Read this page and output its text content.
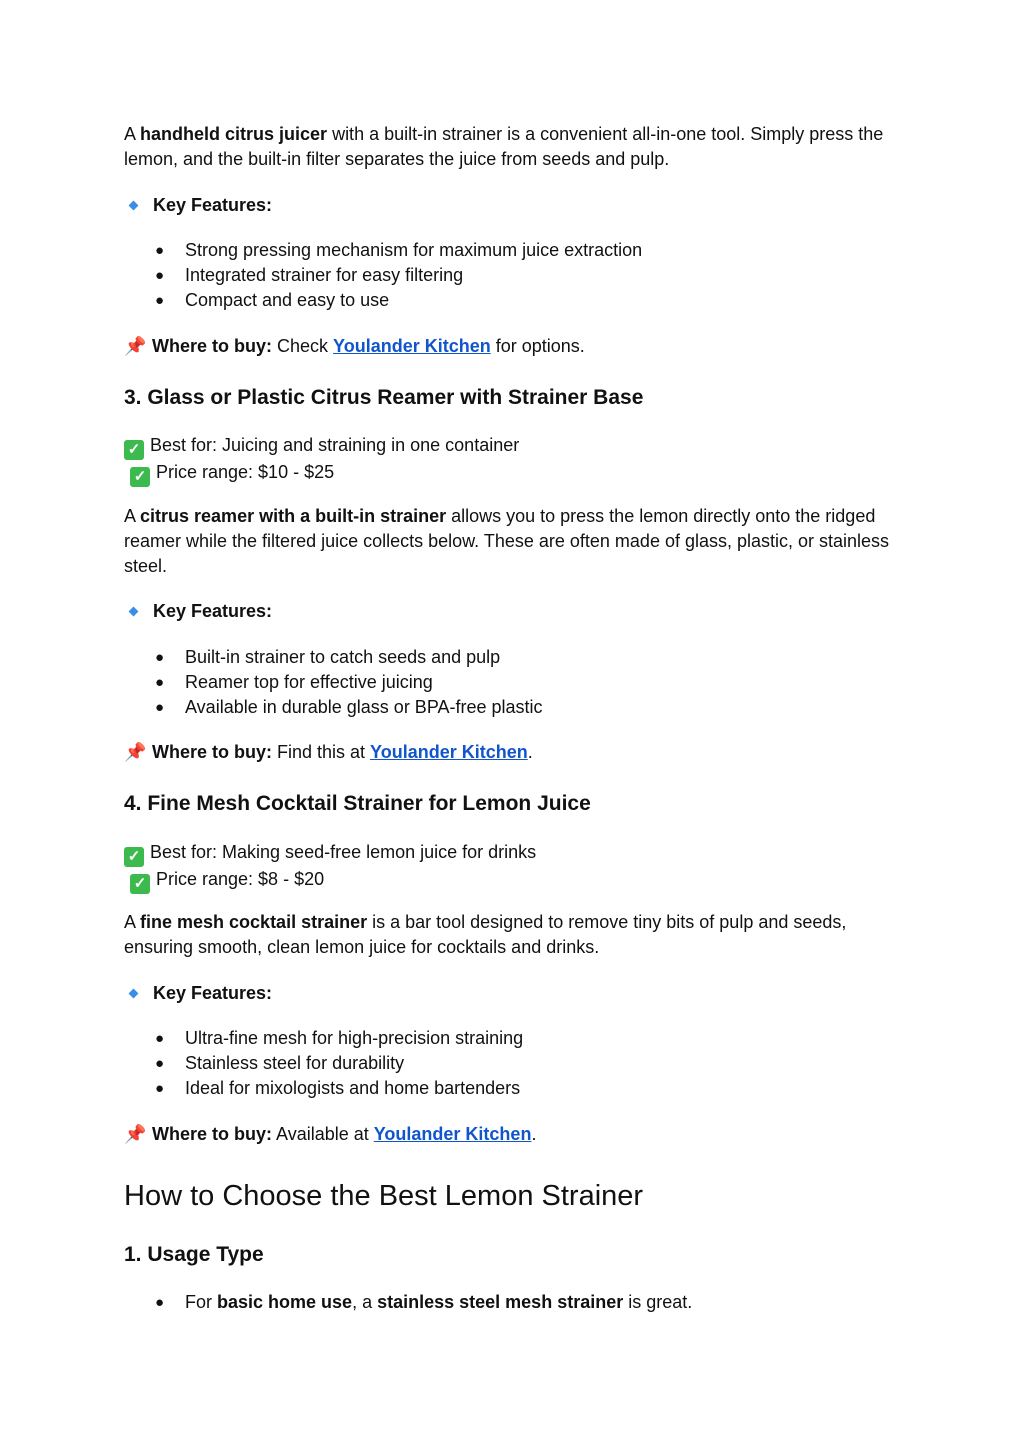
A handheld citrus juicer with a built-in strainer is a convenient all-in-one tool. Simply press the lemon, and the built-in filter separates the juice from seeds and pulp.

Key Features:
● Strong pressing mechanism for maximum juice extraction
● Integrated strainer for easy filtering
● Compact and easy to use

📌 Where to buy: Check Youlander Kitchen for options.

3. Glass or Plastic Citrus Reamer with Strainer Base

✓ Best for: Juicing and straining in one container

✓ Price range: $10 - $25

A citrus reamer with a built-in strainer allows you to press the lemon directly onto the ridged reamer while the filtered juice collects below. These are often made of glass, plastic, or stainless steel.

Key Features:
● Built-in strainer to catch seeds and pulp
● Reamer top for effective juicing
● Available in durable glass or BPA-free plastic

📌 Where to buy: Find this at Youlander Kitchen.

4. Fine Mesh Cocktail Strainer for Lemon Juice

✓ Best for: Making seed-free lemon juice for drinks

✓ Price range: $8 - $20

A fine mesh cocktail strainer is a bar tool designed to remove tiny bits of pulp and seeds, ensuring smooth, clean lemon juice for cocktails and drinks.

Key Features:
● Ultra-fine mesh for high-precision straining
● Stainless steel for durability
● Ideal for mixologists and home bartenders

📌 Where to buy: Available at Youlander Kitchen.

How to Choose the Best Lemon Strainer
1. Usage Type
● For basic home use, a stainless steel mesh strainer is great.
